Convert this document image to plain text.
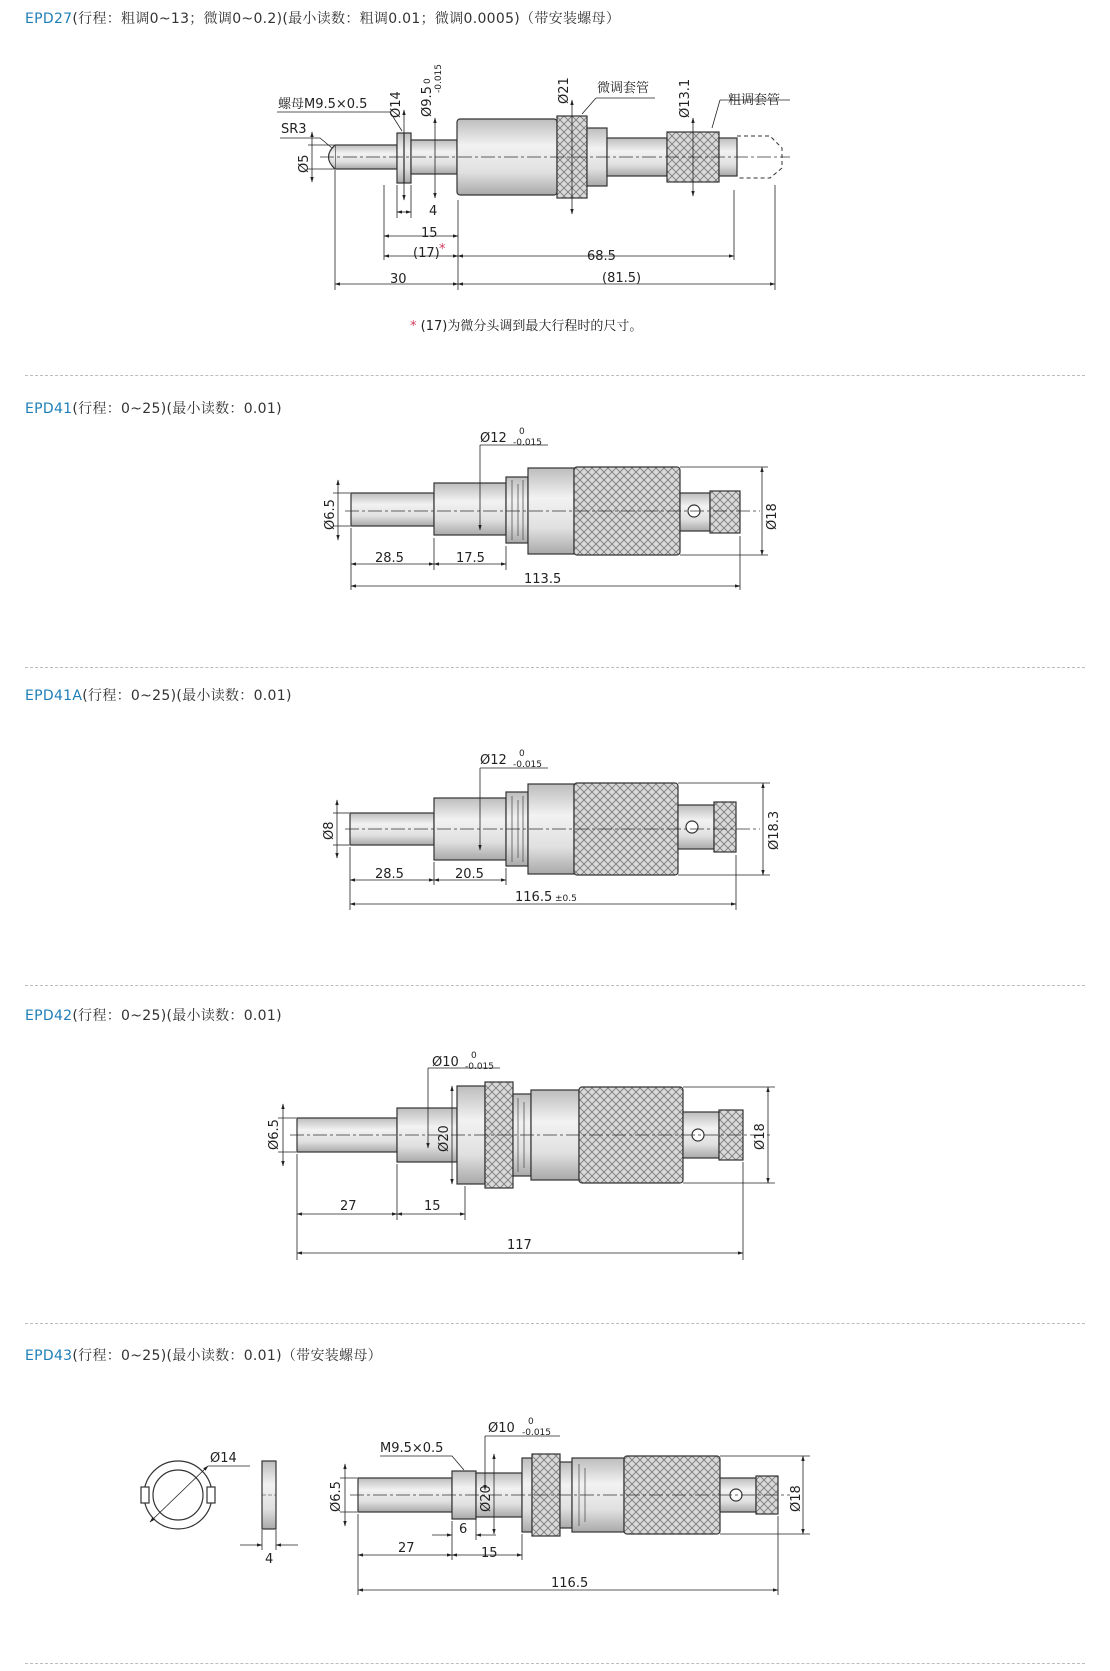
EPD27(行程：粗调0~13；微调0~0.2)(最小读数：粗调0.01；微调0.0005)（带安装螺母）
螺母M9.5×0.5
SR3
Ø5
Ø14 Ø9.5
0 -0.015	Ø21 微调套管 Ø13.1	粗调套管
4
15
(17) *	68.5
30	(81.5)
* (17)为微分头调到最大行程时的尺寸。
EPD41(行程：0~25)(最小读数：0.01)
Ø12 0
-0.015
Ø6.5	Ø18
28.5	17.5
113.5
EPD41A(行程：0~25)(最小读数：0.01)
Ø12 0
-0.015
Ø8	Ø18.3
28.5	20.5
116.5 ±0.5
EPD42(行程：0~25)(最小读数：0.01)
Ø10 0
-0.015
Ø6.5	Ø20	Ø18
27	15
117
EPD43(行程：0~25)(最小读数：0.01)（带安装螺母）
Ø14
4
M9.5×0.5
Ø10 0
-0.015
Ø6.5	Ø20	Ø18
6
27	15
116.5
